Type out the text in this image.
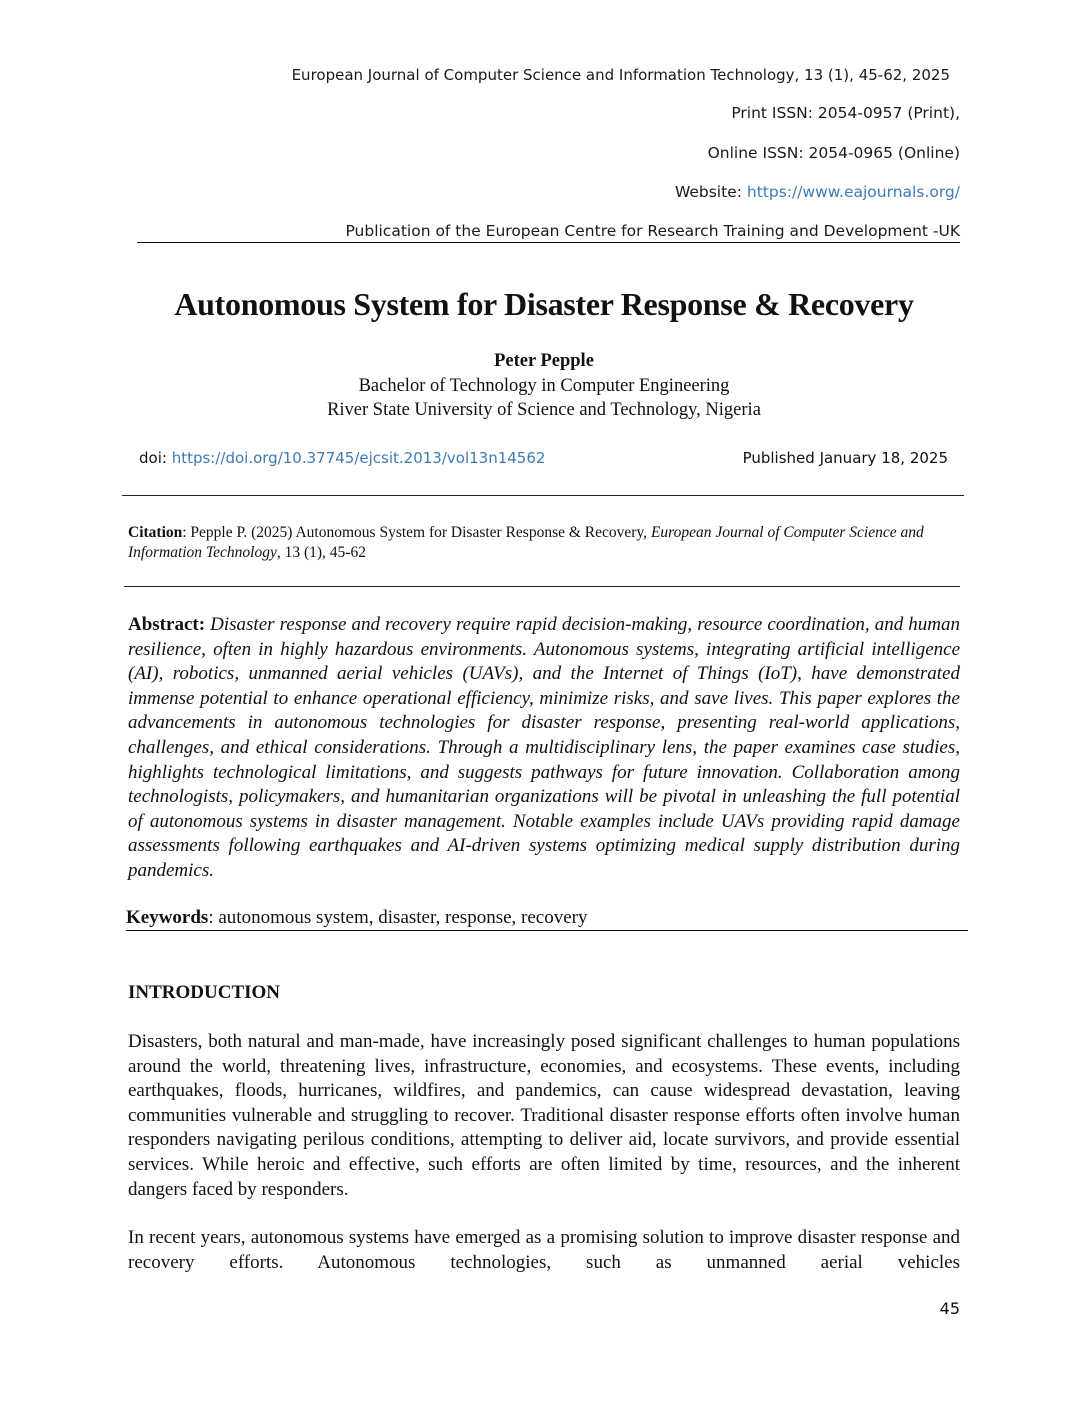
European Journal of Computer Science and Information Technology, 13 (1), 45-62, 2025

Print ISSN: 2054-0957 (Print),

Online ISSN: 2054-0965 (Online)

Website: https://www.eajournals.org/

Publication of the European Centre for Research Training and Development -UK

Autonomous System for Disaster Response & Recovery

Peter Pepple

Bachelor of Technology in Computer Engineering

River State University of Science and Technology, Nigeria

doi: https://doi.org/10.37745/ejcsit.2013/vol13n14562	Published January 18, 2025

Citation: Pepple P. (2025) Autonomous System for Disaster Response & Recovery, European Journal of Computer Science and Information Technology, 13 (1), 45-62

Abstract: Disaster response and recovery require rapid decision-making, resource coordination, and human resilience, often in highly hazardous environments. Autonomous systems, integrating artificial intelligence (AI), robotics, unmanned aerial vehicles (UAVs), and the Internet of Things (IoT), have demonstrated immense potential to enhance operational efficiency, minimize risks, and save lives. This paper explores the advancements in autonomous technologies for disaster response, presenting real-world applications, challenges, and ethical considerations. Through a multidisciplinary lens, the paper examines case studies, highlights technological limitations, and suggests pathways for future innovation. Collaboration among technologists, policymakers, and humanitarian organizations will be pivotal in unleashing the full potential of autonomous systems in disaster management. Notable examples include UAVs providing rapid damage assessments following earthquakes and AI-driven systems optimizing medical supply distribution during pandemics.

Keywords: autonomous system, disaster, response, recovery

INTRODUCTION

Disasters, both natural and man-made, have increasingly posed significant challenges to human populations around the world, threatening lives, infrastructure, economies, and ecosystems. These events, including earthquakes, floods, hurricanes, wildfires, and pandemics, can cause widespread devastation, leaving communities vulnerable and struggling to recover. Traditional disaster response efforts often involve human responders navigating perilous conditions, attempting to deliver aid, locate survivors, and provide essential services. While heroic and effective, such efforts are often limited by time, resources, and the inherent dangers faced by responders.

In recent years, autonomous systems have emerged as a promising solution to improve disaster response and recovery efforts. Autonomous technologies, such as unmanned aerial vehicles

45
